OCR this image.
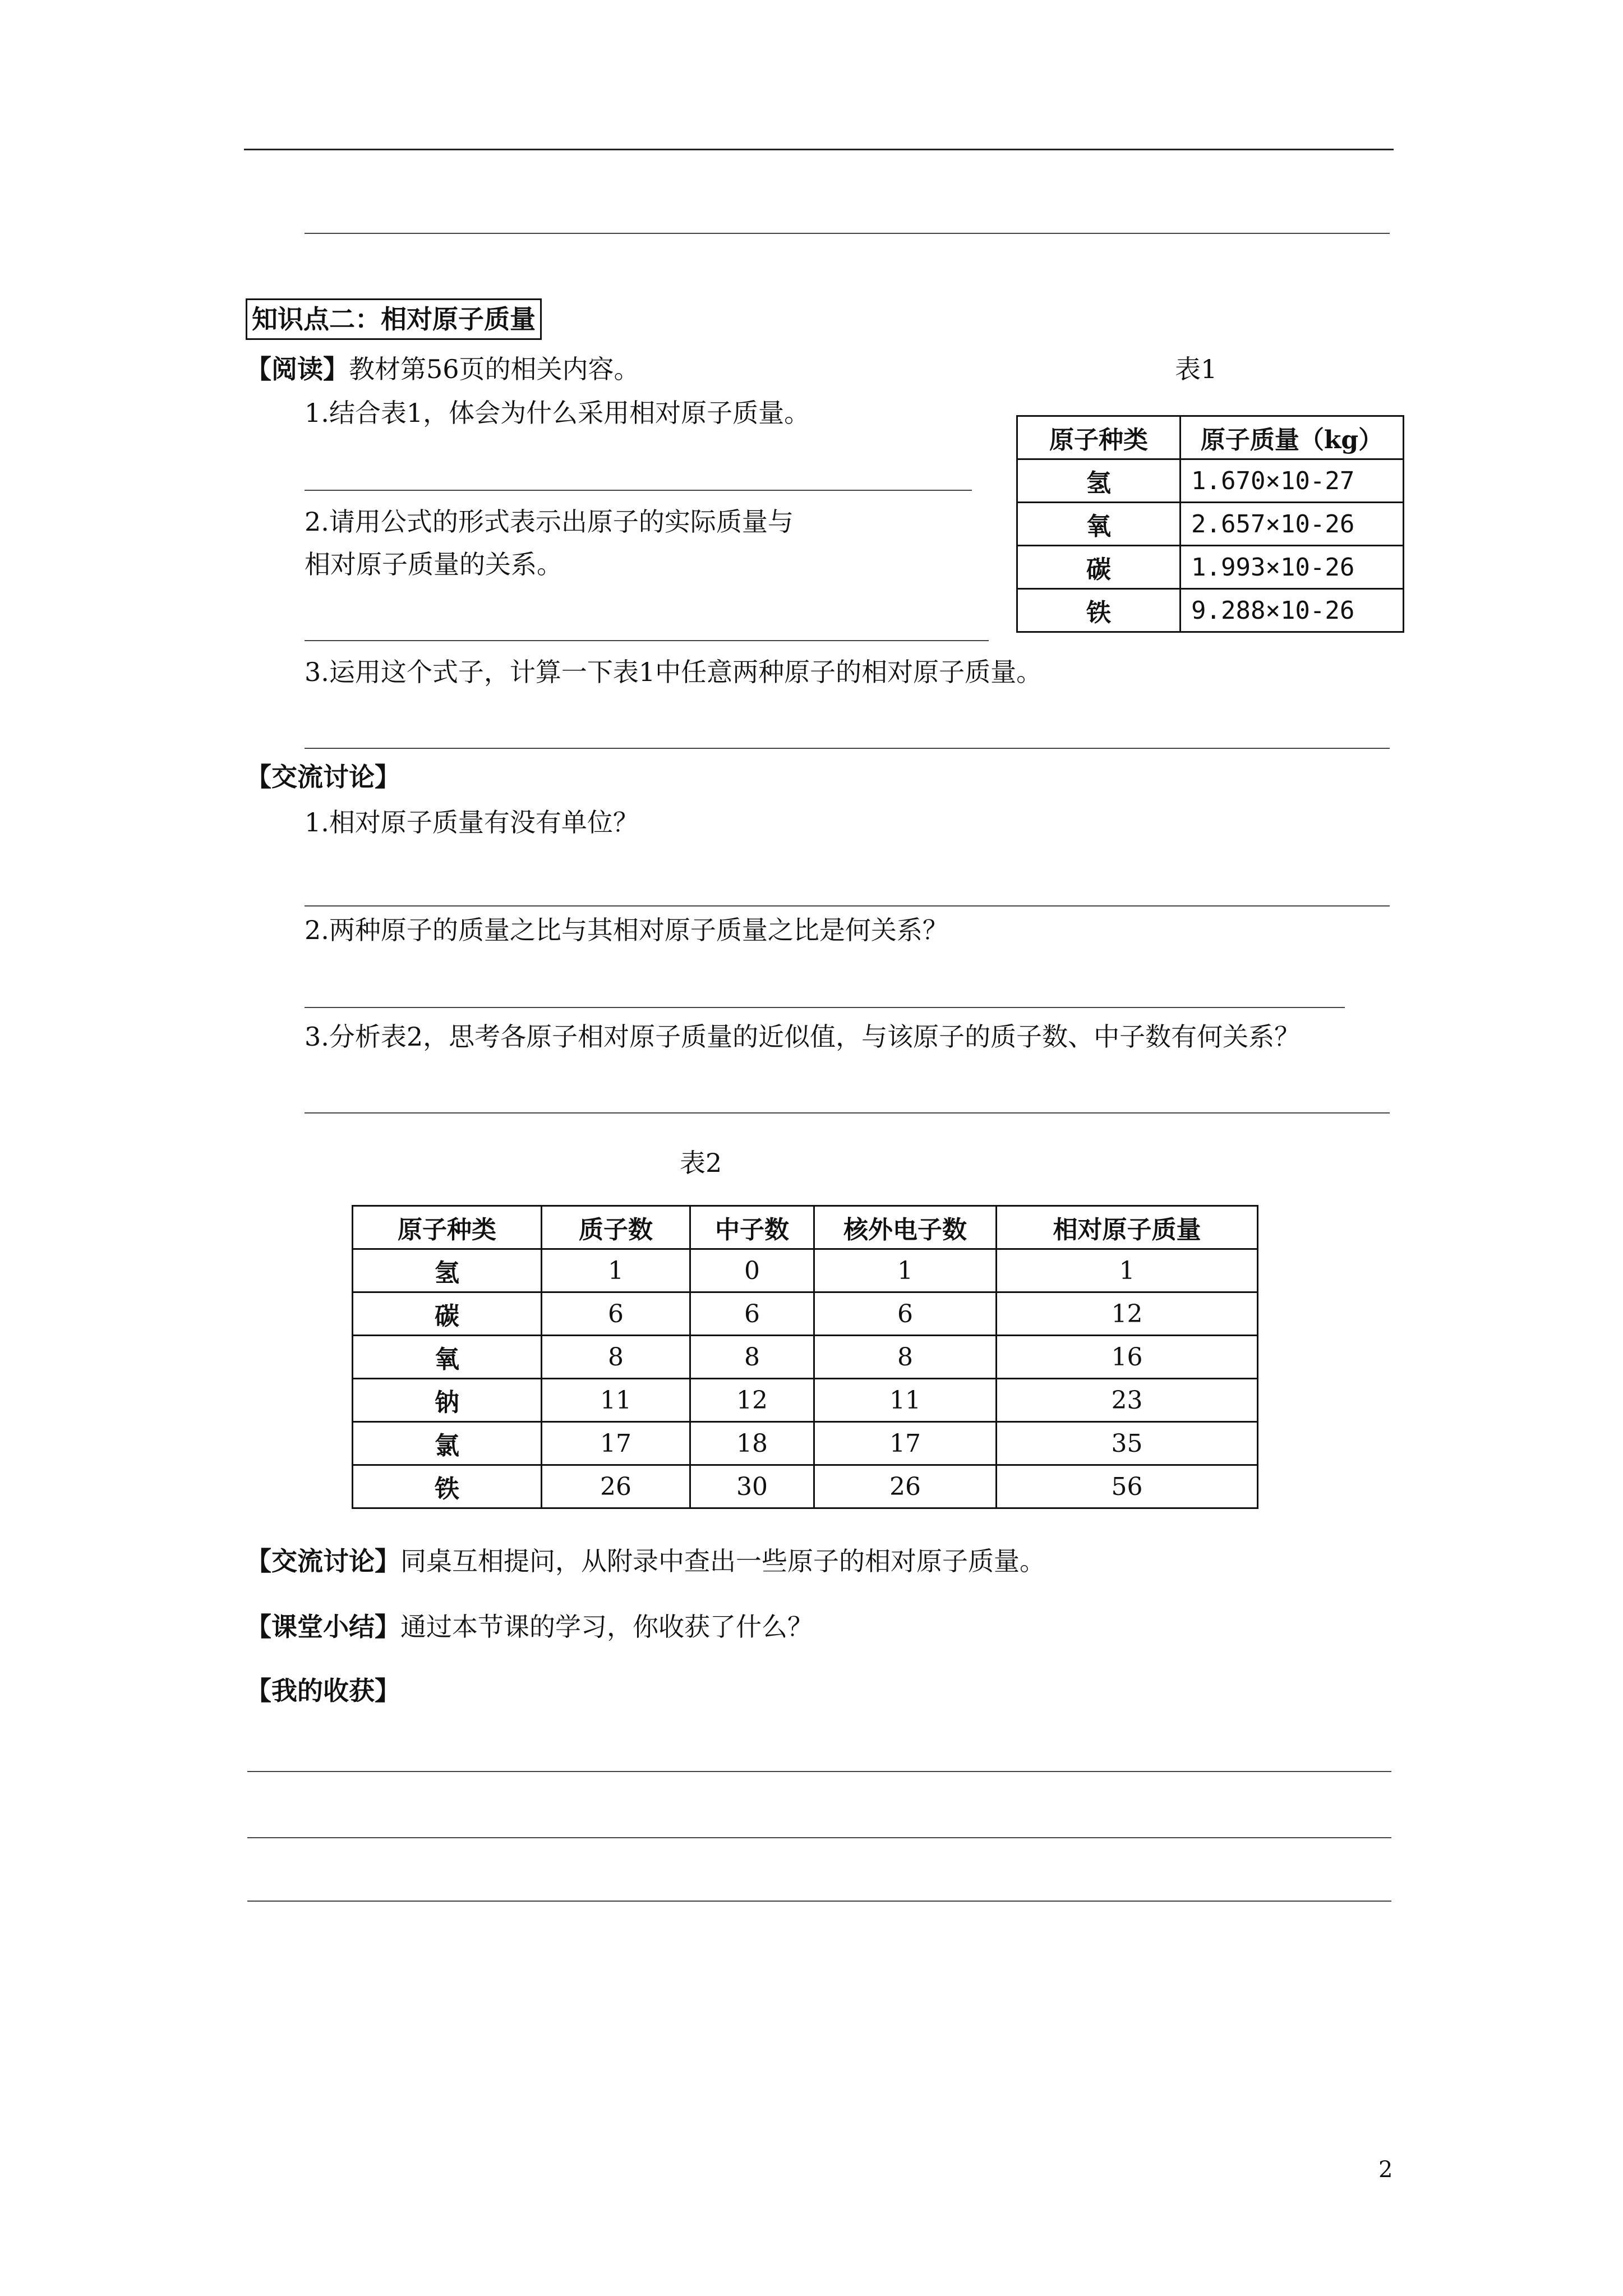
知识点二：相对原子质量
【阅读】教材第56页的相关内容。
1.结合表1，体会为什么采用相对原子质量。
2.请用公式的形式表示出原子的实际质量与
相对原子质量的关系。
3.运用这个式子，计算一下表1中任意两种原子的相对原子质量。
表1
原子种类	原子质量（kg）
氢	1.670×10-27
氧	2.657×10-26
碳	1.993×10-26
铁	9.288×10-26
【交流讨论】
1.相对原子质量有没有单位？
2.两种原子的质量之比与其相对原子质量之比是何关系？
3.分析表2，思考各原子相对原子质量的近似值，与该原子的质子数、中子数有何关系？
表2
原子种类	质子数	中子数	核外电子数	相对原子质量
氢	1	0	1	1
碳	6	6	6	12
氧	8	8	8	16
钠	11	12	11	23
氯	17	18	17	35
铁	26	30	26	56
【交流讨论】同桌互相提问，从附录中查出一些原子的相对原子质量。
【课堂小结】通过本节课的学习，你收获了什么？
【我的收获】
2
